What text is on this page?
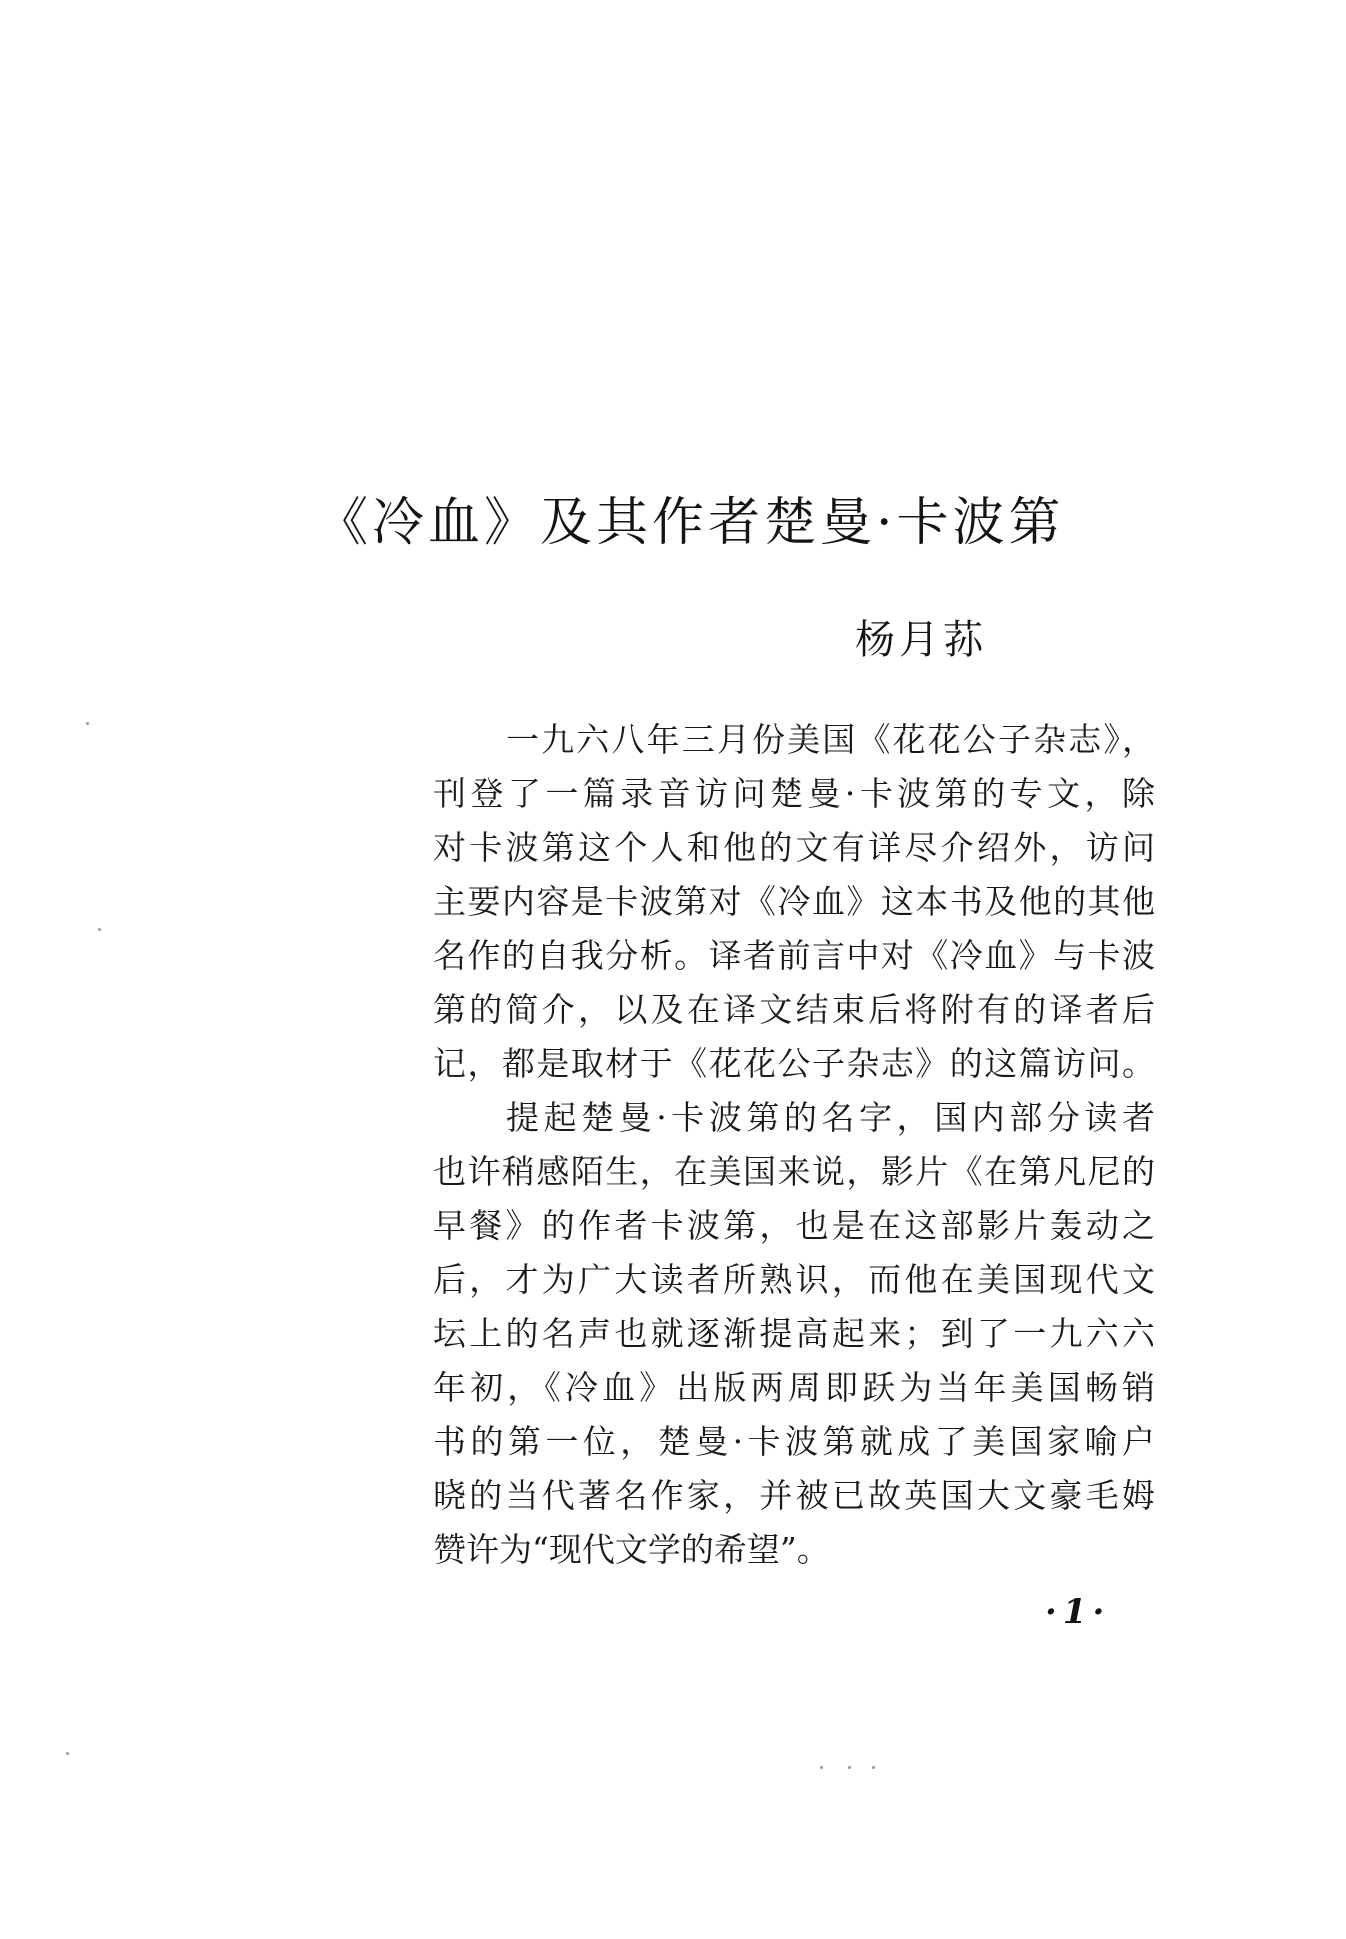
《冷血》及其作者楚曼·卡波第
杨月荪
一九六八年三月份美国《花花公子杂志》，
刊登了一篇录音访问楚曼·卡波第的专文，除
对卡波第这个人和他的文有详尽介绍外，访问
主要内容是卡波第对《冷血》这本书及他的其他
名作的自我分析。译者前言中对《冷血》与卡波
第的简介，以及在译文结束后将附有的译者后
记，都是取材于《花花公子杂志》的这篇访问。
提起楚曼·卡波第的名字，国内部分读者
也许稍感陌生，在美国来说，影片《在第凡尼的
早餐》的作者卡波第，也是在这部影片轰动之
后，才为广大读者所熟识，而他在美国现代文
坛上的名声也就逐渐提高起来；到了一九六六
年初，《冷血》出版两周即跃为当年美国畅销
书的第一位，楚曼·卡波第就成了美国家喻户
晓的当代著名作家，并被已故英国大文豪毛姆
赞许为“现代文学的希望”。
·1·
